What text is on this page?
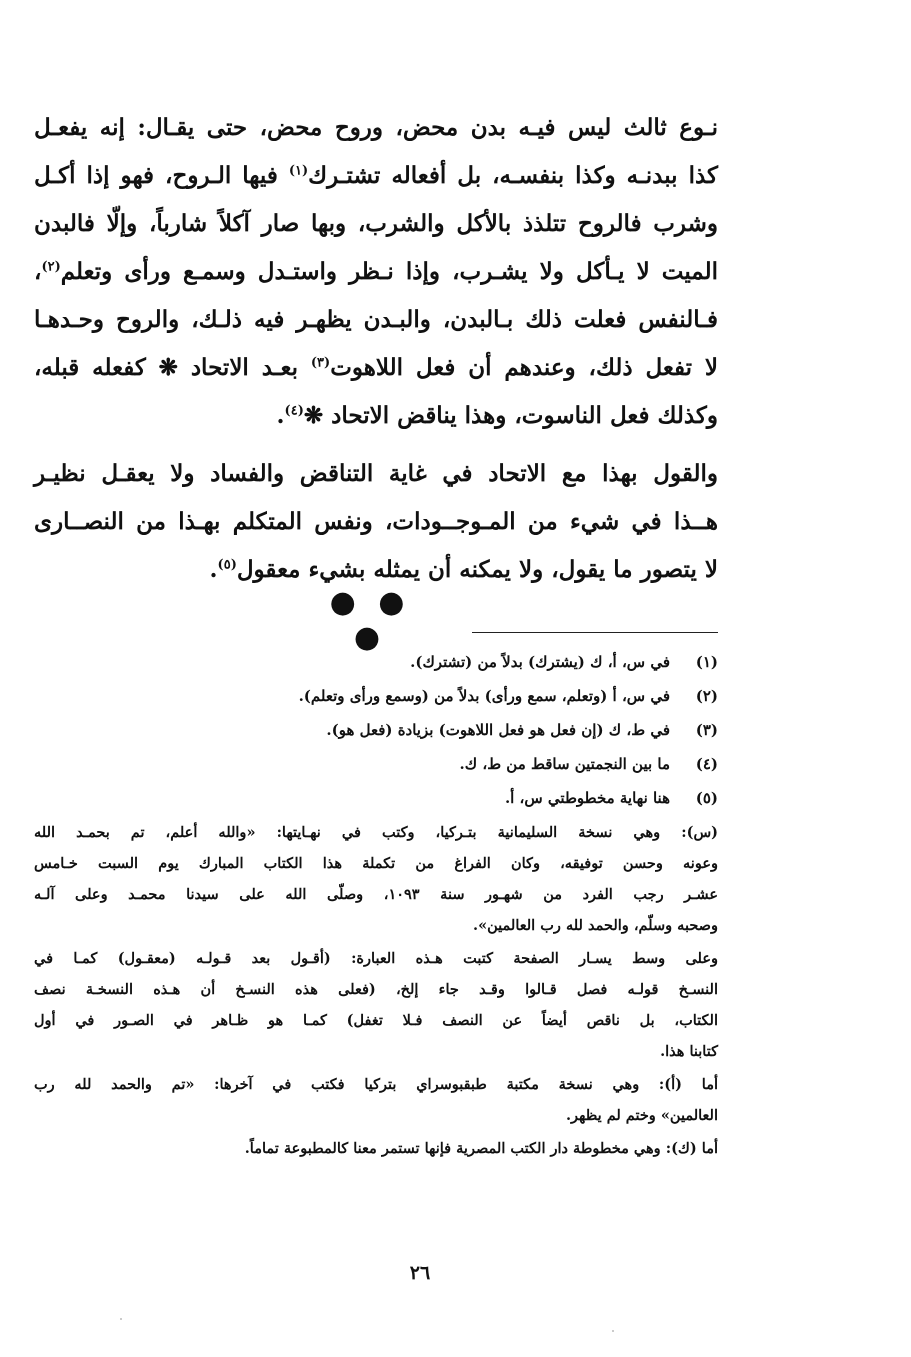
نـوع ثالث ليس فيـه بدن محض، وروح محض، حتى يقـال: إنه يفعـل
كذا ببدنـه وكذا بنفسـه، بل أفعاله تشتـرك$^{(١)}$ فيها الـروح، فهو إذا أكـل
وشرب فالروح تتلذذ بالأكل والشرب، وبها صار آكلاً شارباً، وإلّا فالبدن
الميت لا يـأكل ولا يشـرب، وإذا نـظر واستـدل وسمـع ورأى وتعلم$^{(٢)}$،
فـالنفس فعلت ذلك بـالبدن، والبـدن يظهـر فيه ذلـك، والروح وحـدهـا
لا تفعل ذلك، وعندهم أن فعل اللاهوت$^{(٣)}$ بعـد الاتحاد ❋ كفعله قبله،
وكذلك فعل الناسوت، وهذا يناقض الاتحاد ❋$^{(٤)}$.
والقول بهذا مع الاتحاد في غاية التناقض والفساد ولا يعقـل نظيـر
هــذا في شيء من المـوجــودات، ونفس المتكلم بهـذا من النصــارى
لا يتصور ما يقول، ولا يمكنه أن يمثله بشيء معقول$^{(٥)}$.
● ● ●
(١)
في س، أ، ك (يشترك) بدلاً من (تشترك).
(٢)
في س، أ (وتعلم، سمع ورأى) بدلاً من (وسمع ورأى وتعلم).
(٣)
في ط، ك (إن فعل هو فعل اللاهوت) بزيادة (فعل هو).
(٤)
ما بين النجمتين ساقط من ط، ك.
(٥)
هنا نهاية مخطوطتي س، أ.
(س): وهي نسخة السليمانية بتـركيا، وكتب في نهـايتها: «والله أعلم، تم بحمـد الله
وعونه وحسن توفيقه، وكان الفراغ من تكملة هذا الكتاب المبارك يوم السبت خـامس
عشـر رجب الفرد من شهـور سنة ١٠٩٣، وصلّى الله على سيدنا محمـد وعلى آلـه
وصحبه وسلّم، والحمد لله رب العالمين».
وعلى وسط يسـار الصفحة كتبت هـذه العبارة: (أقـول بعد قـولـه (معقـول) كمـا في
النسـخ قولـه فصل قـالوا وقـد جاء إلخ، (فعلى هذه النسـخ أن هـذه النسخـة نصف
الكتاب، بل ناقص أيضاً عن النصف فـلا تغفل) كمـا هو ظـاهر في الصـور في أول
كتابنا هذا.
أما (أ): وهي نسخة مكتبة طبقبوسراي بتركيا فكتب في آخرها: «تم والحمد لله رب
العالمين» وختم لم يظهر.
أما (ك): وهي مخطوطة دار الكتب المصرية فإنها تستمر معنا كالمطبوعة تماماً.
٢٦
